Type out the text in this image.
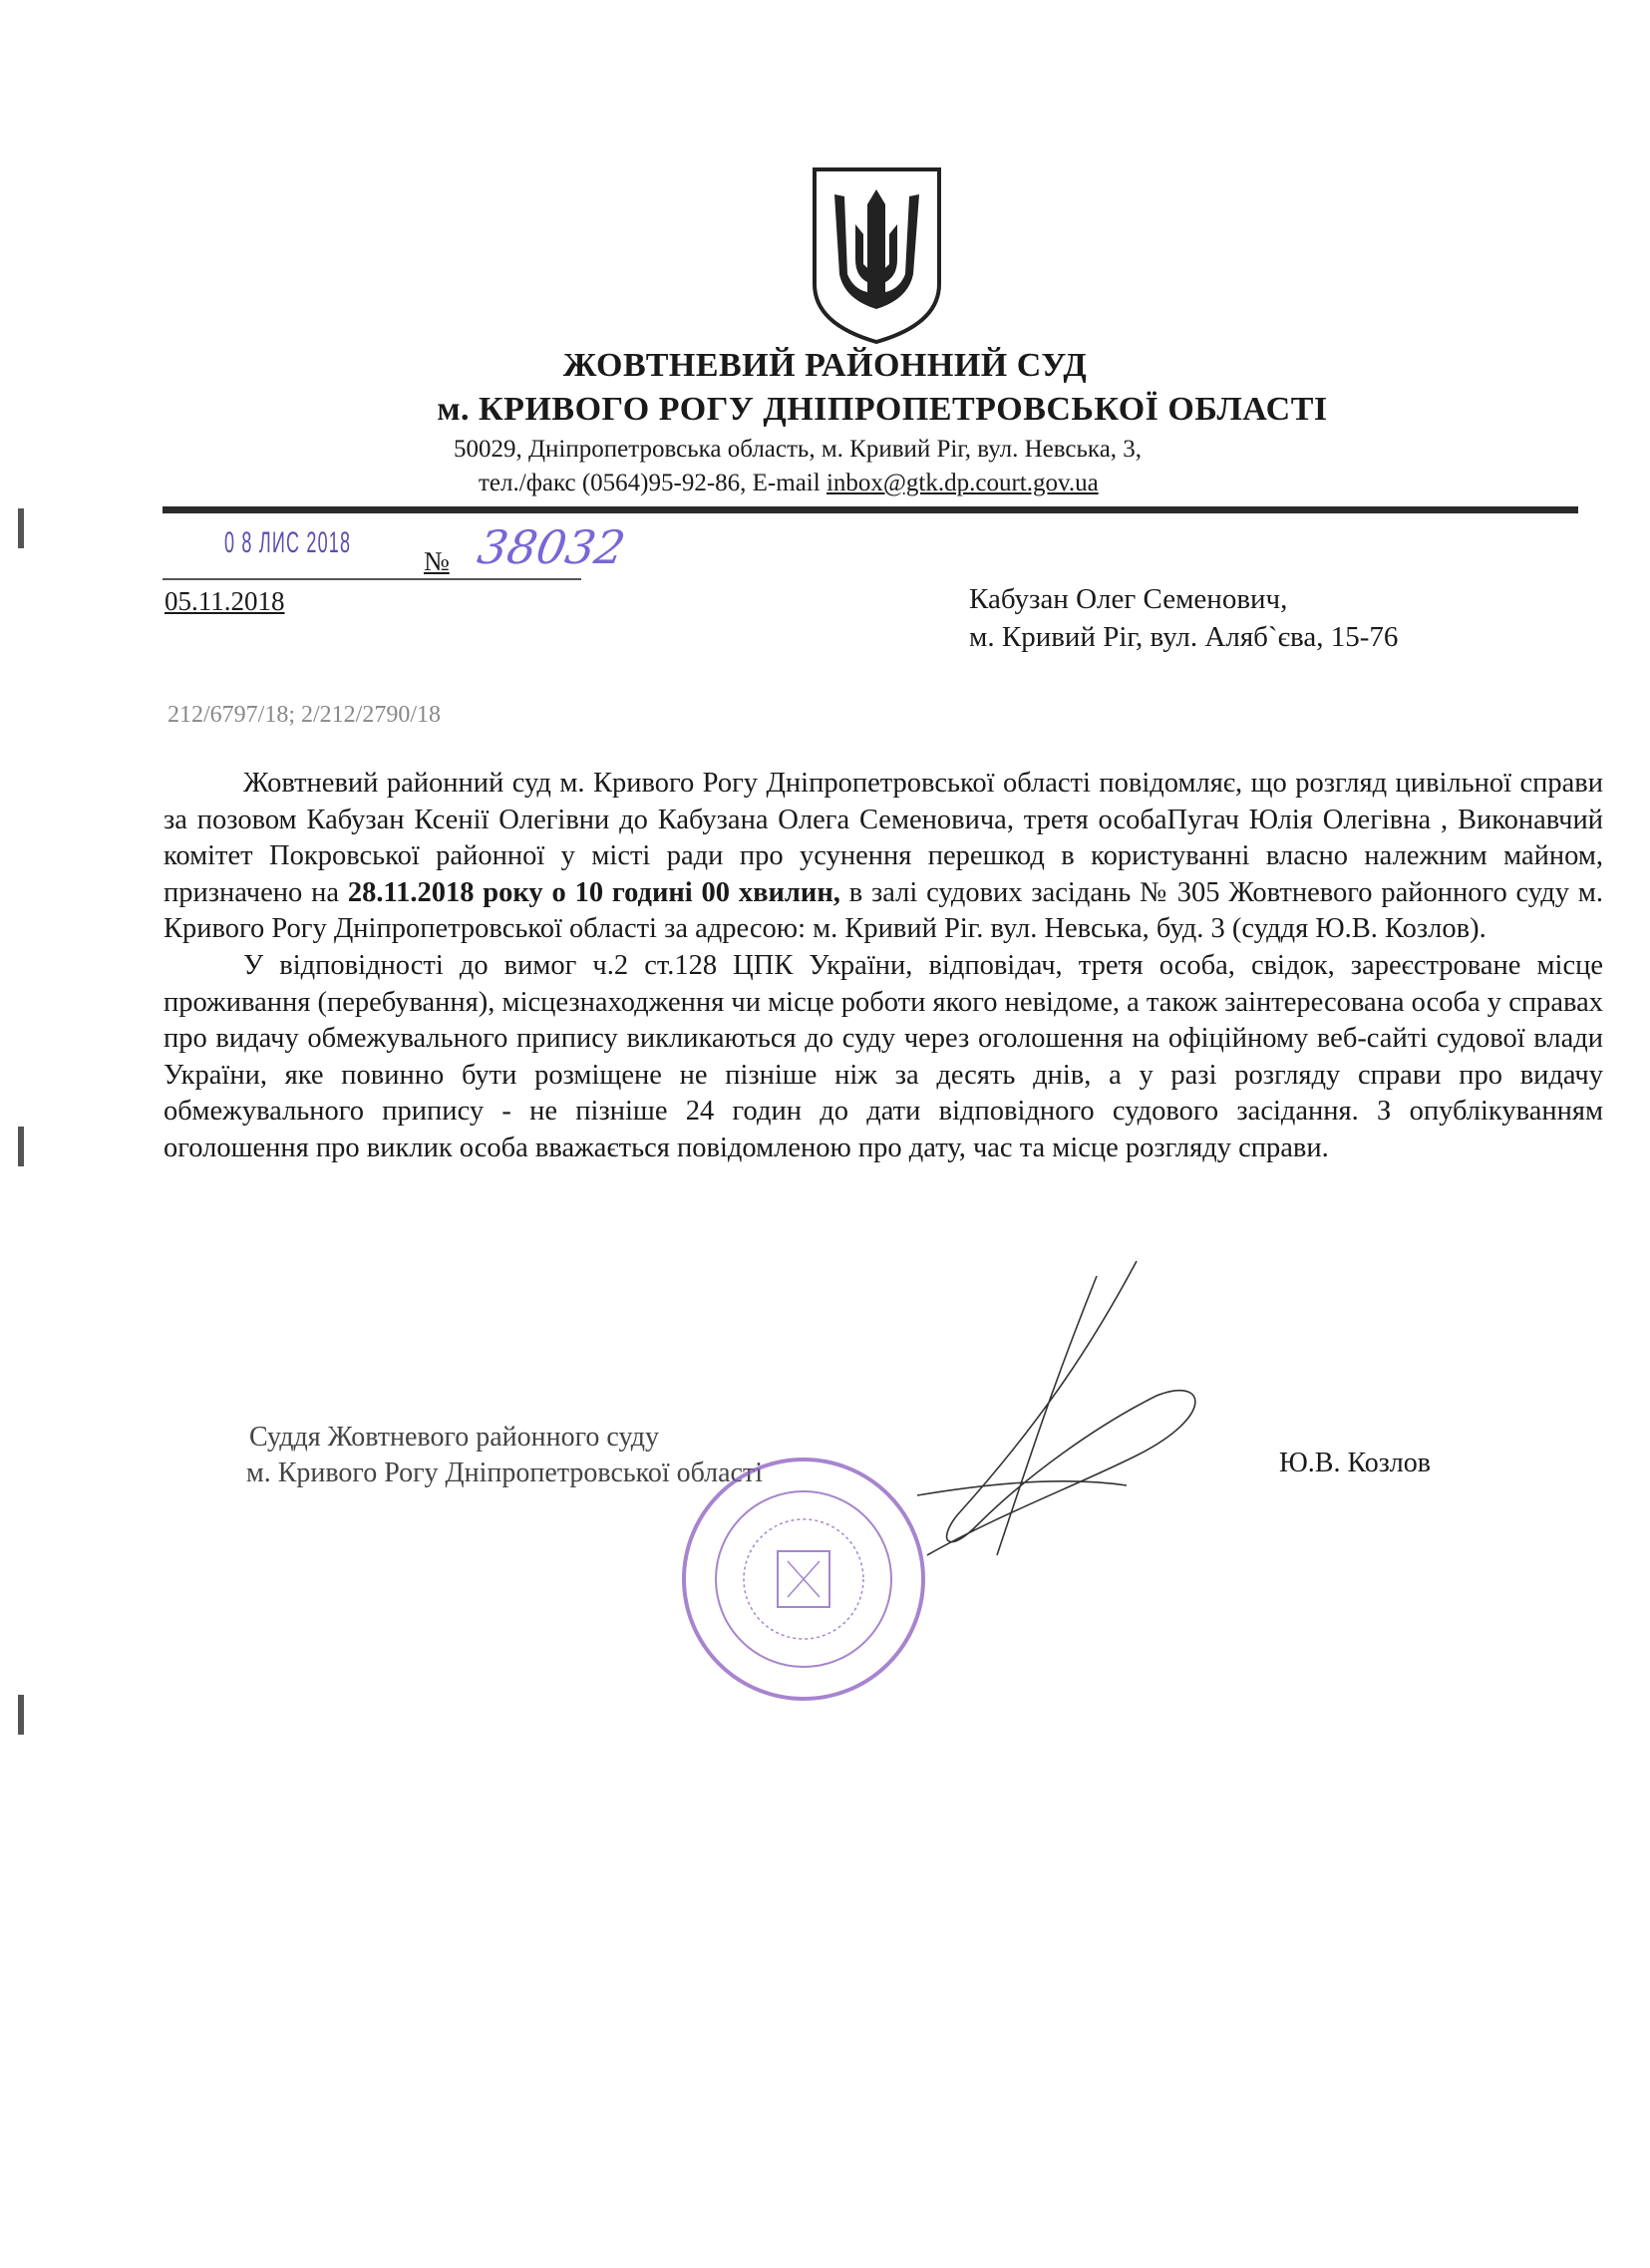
ЖОВТНЕВИЙ РАЙОННИЙ СУД
м. КРИВОГО РОГУ ДНІПРОПЕТРОВСЬКОЇ ОБЛАСТІ
50029, Дніпропетровська область, м. Кривий Ріг, вул. Невська, 3,
тел./факс (0564)95-92-86, E-mail inbox@gtk.dp.court.gov.ua
0 8 ЛИС 2018
№ 38032
05.11.2018	Кабузан Олег Семенович,
м. Кривий Ріг, вул. Аляб`єва, 15-76
212/6797/18; 2/212/2790/18

Жовтневий районний суд м. Кривого Рогу Дніпропетровської області повідомляє, що розгляд цивільної справи за позовом Кабузан Ксенії Олегівни до Кабузана Олега Семеновича, третя особаПугач Юлія Олегівна , Виконавчий комітет Покровської районної у місті ради про усунення перешкод в користуванні власно належним майном, призначено на 28.11.2018 року о 10 годині 00 хвилин, в залі судових засідань № 305 Жовтневого районного суду м. Кривого Рогу Дніпропетровської області за адресою: м. Кривий Ріг. вул. Невська, буд. 3 (суддя Ю.В. Козлов).

У відповідності до вимог ч.2 ст.128 ЦПК України, відповідач, третя особа, свідок, зареєстроване місце проживання (перебування), місцезнаходження чи місце роботи якого невідоме, а також заінтересована особа у справах про видачу обмежувального припису викликаються до суду через оголошення на офіційному веб-сайті судової влади України, яке повинно бути розміщене не пізніше ніж за десять днів, а у разі розгляду справи про видачу обмежувального припису - не пізніше 24 годин до дати відповідного судового засідання. З опублікуванням оголошення про виклик особа вважається повідомленою про дату, час та місце розгляду справи.

Суддя Жовтневого районного суду
м. Кривого Рогу Дніпропетровської області	Ю.В. Козлов
